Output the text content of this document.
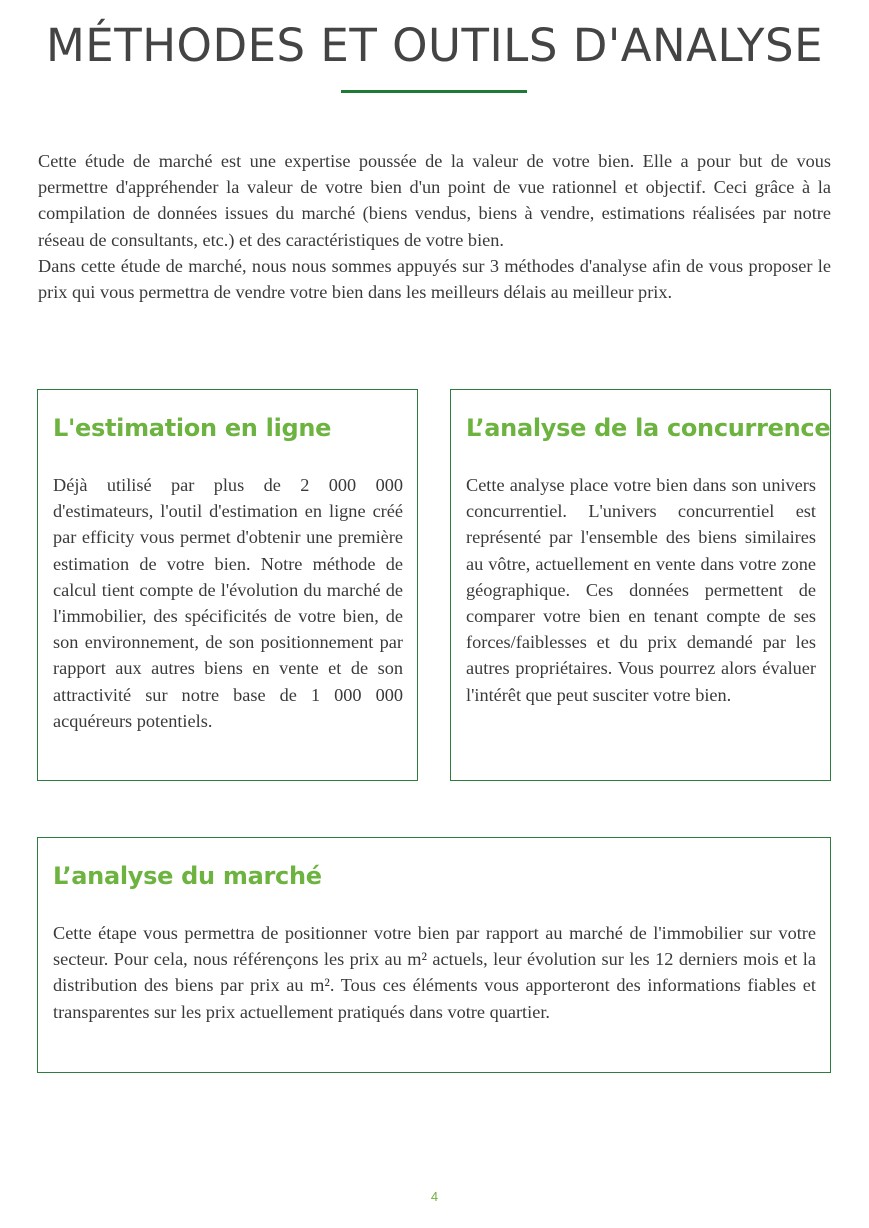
MÉTHODES ET OUTILS D'ANALYSE

Cette étude de marché est une expertise poussée de la valeur de votre bien. Elle a pour but de vous permettre d'appréhender la valeur de votre bien d'un point de vue rationnel et objectif. Ceci grâce à la compilation de données issues du marché (biens vendus, biens à vendre, estimations réalisées par notre réseau de consultants, etc.) et des caractéristiques de votre bien.

Dans cette étude de marché, nous nous sommes appuyés sur 3 méthodes d'analyse afin de vous proposer le prix qui vous permettra de vendre votre bien dans les meilleurs délais au meilleur prix.

L'estimation en ligne

Déjà utilisé par plus de 2 000 000 d'estimateurs, l'outil d'estimation en ligne créé par efficity vous permet d'obtenir une première estimation de votre bien. Notre méthode de calcul tient compte de l'évolution du marché de l'immobilier, des spécificités de votre bien, de son environnement, de son positionnement par rapport aux autres biens en vente et de son attractivité sur notre base de 1 000 000 acquéreurs potentiels.

L’analyse de la concurrence

Cette analyse place votre bien dans son univers concurrentiel. L'univers concurrentiel est représenté par l'ensemble des biens similaires au vôtre, actuellement en vente dans votre zone géographique. Ces données permettent de comparer votre bien en tenant compte de ses forces/faiblesses et du prix demandé par les autres propriétaires. Vous pourrez alors évaluer l'intérêt que peut susciter votre bien.

L’analyse du marché

Cette étape vous permettra de positionner votre bien par rapport au marché de l'immobilier sur votre secteur. Pour cela, nous référençons les prix au m² actuels, leur évolution sur les 12 derniers mois et la distribution des biens par prix au m². Tous ces éléments vous apporteront des informations fiables et transparentes sur les prix actuellement pratiqués dans votre quartier.

4
